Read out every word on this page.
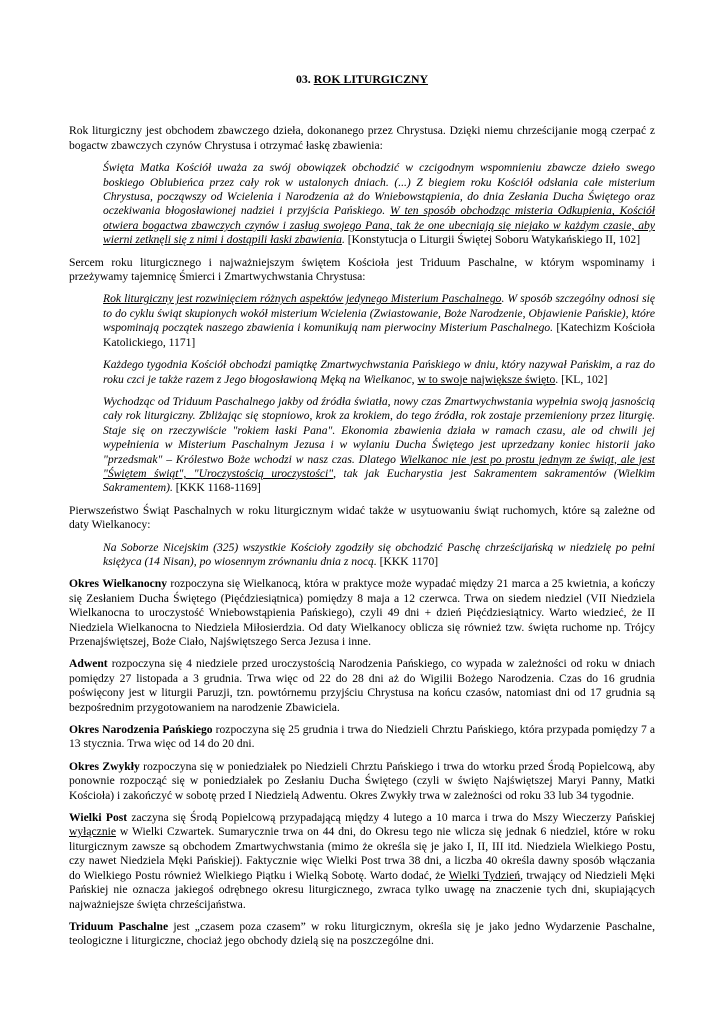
03. ROK LITURGICZNY

Rok liturgiczny jest obchodem zbawczego dzieła, dokonanego przez Chrystusa. Dzięki niemu chrześcijanie mogą czerpać z bogactw zbawczych czynów Chrystusa i otrzymać łaskę zbawienia:

Święta Matka Kościół uważa za swój obowiązek obchodzić w czcigodnym wspomnieniu zbawcze dzieło swego boskiego Oblubieńca przez cały rok w ustalonych dniach. (...) Z biegiem roku Kościół odsłania całe misterium Chrystusa, począwszy od Wcielenia i Narodzenia aż do Wniebowstąpienia, do dnia Zesłania Ducha Świętego oraz oczekiwania błogosławionej nadziei i przyjścia Pańskiego. W ten sposób obchodząc misteria Odkupienia, Kościół otwiera bogactwa zbawczych czynów i zasług swojego Pana, tak że one ubecniają się niejako w każdym czasie, aby wierni zetknęli się z nimi i dostąpili łaski zbawienia. [Konstytucja o Liturgii Świętej Soboru Watykańskiego II, 102]

Sercem roku liturgicznego i najważniejszym świętem Kościoła jest Triduum Paschalne, w którym wspominamy i przeżywamy tajemnicę Śmierci i Zmartwychwstania Chrystusa:

Rok liturgiczny jest rozwinięciem różnych aspektów jedynego Misterium Paschalnego. W sposób szczególny odnosi się to do cyklu świąt skupionych wokół misterium Wcielenia (Zwiastowanie, Boże Narodzenie, Objawienie Pańskie), które wspominają początek naszego zbawienia i komunikują nam pierwociny Misterium Paschalnego. [Katechizm Kościoła Katolickiego, 1171]

Każdego tygodnia Kościół obchodzi pamiątkę Zmartwychwstania Pańskiego w dniu, który nazywał Pańskim, a raz do roku czci je także razem z Jego błogosławioną Męką na Wielkanoc, w to swoje największe święto. [KL, 102]

Wychodząc od Triduum Paschalnego jakby od źródła światła, nowy czas Zmartwychwstania wypełnia swoją jasnością cały rok liturgiczny. Zbliżając się stopniowo, krok za krokiem, do tego źródła, rok zostaje przemieniony przez liturgię. Staje się on rzeczywiście "rokiem łaski Pana". Ekonomia zbawienia działa w ramach czasu, ale od chwili jej wypełnienia w Misterium Paschalnym Jezusa i w wylaniu Ducha Świętego jest uprzedzany koniec historii jako "przedsmak" – Królestwo Boże wchodzi w nasz czas. Dlatego Wielkanoc nie jest po prostu jednym ze świąt, ale jest "Świętem świąt", "Uroczystością uroczystości", tak jak Eucharystia jest Sakramentem sakramentów (Wielkim Sakramentem). [KKK 1168-1169]

Pierwszeństwo Świąt Paschalnych w roku liturgicznym widać także w usytuowaniu świąt ruchomych, które są zależne od daty Wielkanocy:

Na Soborze Nicejskim (325) wszystkie Kościoły zgodziły się obchodzić Paschę chrześcijańską w niedzielę po pełni księżyca (14 Nisan), po wiosennym zrównaniu dnia z nocą. [KKK 1170]

Okres Wielkanocny rozpoczyna się Wielkanocą, która w praktyce może wypadać między 21 marca a 25 kwietnia, a kończy się Zesłaniem Ducha Świętego (Pięćdziesiątnica) pomiędzy 8 maja a 12 czerwca. Trwa on siedem niedziel (VII Niedziela Wielkanocna to uroczystość Wniebowstąpienia Pańskiego), czyli 49 dni + dzień Pięćdziesiątnicy. Warto wiedzieć, że II Niedziela Wielkanocna to Niedziela Miłosierdzia. Od daty Wielkanocy oblicza się również tzw. święta ruchome np. Trójcy Przenajświętszej, Boże Ciało, Najświętszego Serca Jezusa i inne.

Adwent rozpoczyna się 4 niedziele przed uroczystością Narodzenia Pańskiego, co wypada w zależności od roku w dniach pomiędzy 27 listopada a 3 grudnia. Trwa więc od 22 do 28 dni aż do Wigilii Bożego Narodzenia. Czas do 16 grudnia poświęcony jest w liturgii Paruzji, tzn. powtórnemu przyjściu Chrystusa na końcu czasów, natomiast dni od 17 grudnia są bezpośrednim przygotowaniem na narodzenie Zbawiciela.

Okres Narodzenia Pańskiego rozpoczyna się 25 grudnia i trwa do Niedzieli Chrztu Pańskiego, która przypada pomiędzy 7 a 13 stycznia. Trwa więc od 14 do 20 dni.

Okres Zwykły rozpoczyna się w poniedziałek po Niedzieli Chrztu Pańskiego i trwa do wtorku przed Środą Popielcową, aby ponownie rozpocząć się w poniedziałek po Zesłaniu Ducha Świętego (czyli w święto Najświętszej Maryi Panny, Matki Kościoła) i zakończyć w sobotę przed I Niedzielą Adwentu. Okres Zwykły trwa w zależności od roku 33 lub 34 tygodnie.

Wielki Post zaczyna się Środą Popielcową przypadającą między 4 lutego a 10 marca i trwa do Mszy Wieczerzy Pańskiej wyłącznie w Wielki Czwartek. Sumarycznie trwa on 44 dni, do Okresu tego nie wlicza się jednak 6 niedziel, które w roku liturgicznym zawsze są obchodem Zmartwychwstania (mimo że określa się je jako I, II, III itd. Niedziela Wielkiego Postu, czy nawet Niedziela Męki Pańskiej). Faktycznie więc Wielki Post trwa 38 dni, a liczba 40 określa dawny sposób włączania do Wielkiego Postu również Wielkiego Piątku i Wielką Sobotę. Warto dodać, że Wielki Tydzień, trwający od Niedzieli Męki Pańskiej nie oznacza jakiegoś odrębnego okresu liturgicznego, zwraca tylko uwagę na znaczenie tych dni, skupiających najważniejsze święta chrześcijaństwa.

Triduum Paschalne jest „czasem poza czasem” w roku liturgicznym, określa się je jako jedno Wydarzenie Paschalne, teologiczne i liturgiczne, chociaż jego obchody dzielą się na poszczególne dni.
